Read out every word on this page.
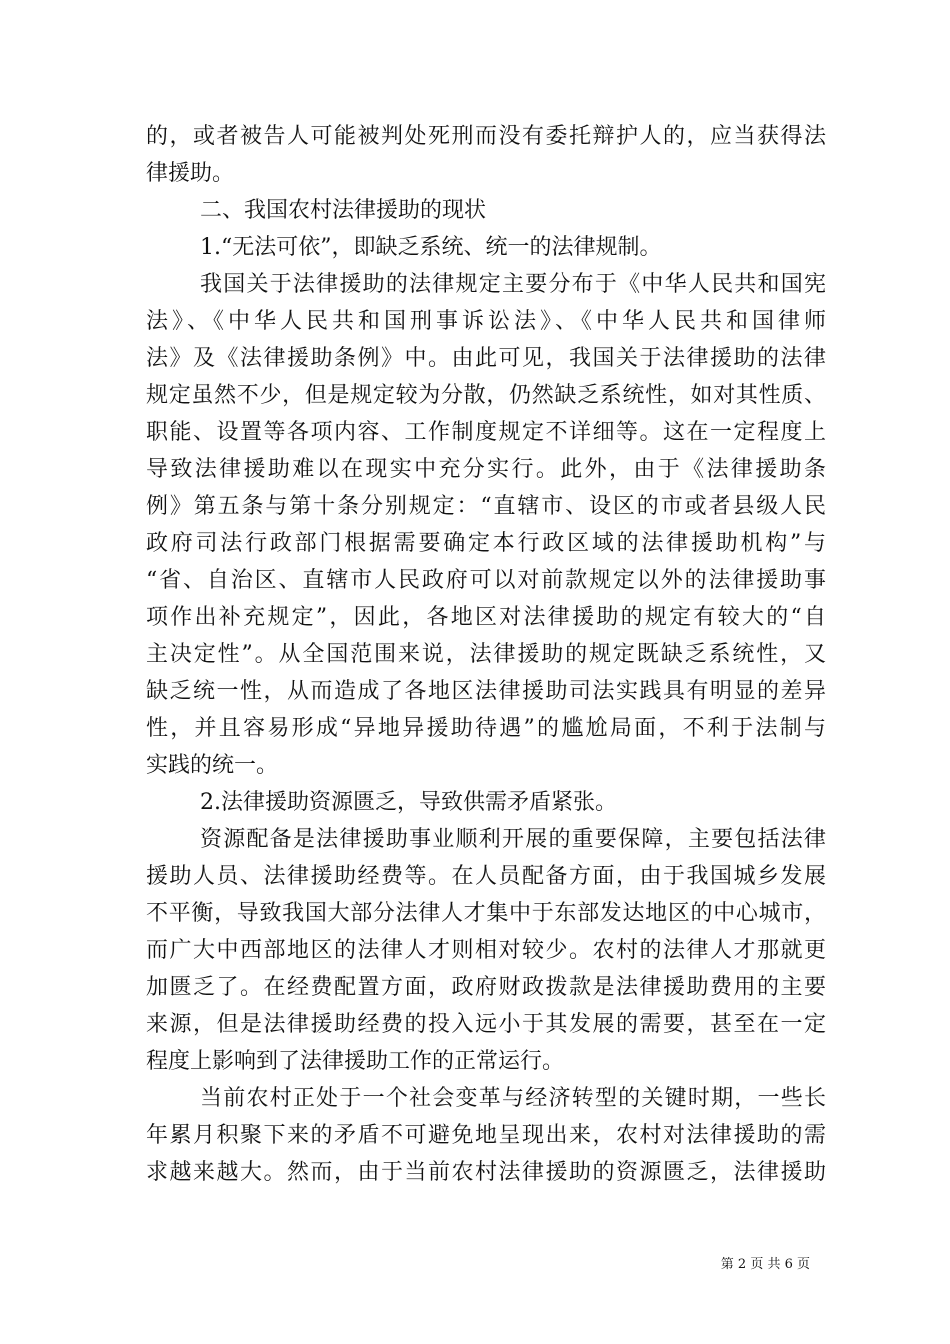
的，或者被告人可能被判处死刑而没有委托辩护人的，应当获得法
律援助。
二、我国农村法律援助的现状
1.“无法可依”，即缺乏系统、统一的法律规制。
我国关于法律援助的法律规定主要分布于《中华人民共和国宪
法》、《中华人民共和国刑事诉讼法》、《中华人民共和国律师
法》及《法律援助条例》中。由此可见，我国关于法律援助的法律
规定虽然不少，但是规定较为分散，仍然缺乏系统性，如对其性质、
职能、设置等各项内容、工作制度规定不详细等。这在一定程度上
导致法律援助难以在现实中充分实行。此外，由于《法律援助条
例》第五条与第十条分别规定：“直辖市、设区的市或者县级人民
政府司法行政部门根据需要确定本行政区域的法律援助机构”与
“省、自治区、直辖市人民政府可以对前款规定以外的法律援助事
项作出补充规定”，因此，各地区对法律援助的规定有较大的“自
主决定性”。从全国范围来说，法律援助的规定既缺乏系统性，又
缺乏统一性，从而造成了各地区法律援助司法实践具有明显的差异
性，并且容易形成“异地异援助待遇”的尴尬局面，不利于法制与
实践的统一。
2.法律援助资源匮乏，导致供需矛盾紧张。
资源配备是法律援助事业顺利开展的重要保障，主要包括法律
援助人员、法律援助经费等。在人员配备方面，由于我国城乡发展
不平衡，导致我国大部分法律人才集中于东部发达地区的中心城市，
而广大中西部地区的法律人才则相对较少。农村的法律人才那就更
加匮乏了。在经费配置方面，政府财政拨款是法律援助费用的主要
来源，但是法律援助经费的投入远小于其发展的需要，甚至在一定
程度上影响到了法律援助工作的正常运行。
当前农村正处于一个社会变革与经济转型的关键时期，一些长
年累月积聚下来的矛盾不可避免地呈现出来，农村对法律援助的需
求越来越大。然而，由于当前农村法律援助的资源匮乏，法律援助
第 2 页 共 6 页
